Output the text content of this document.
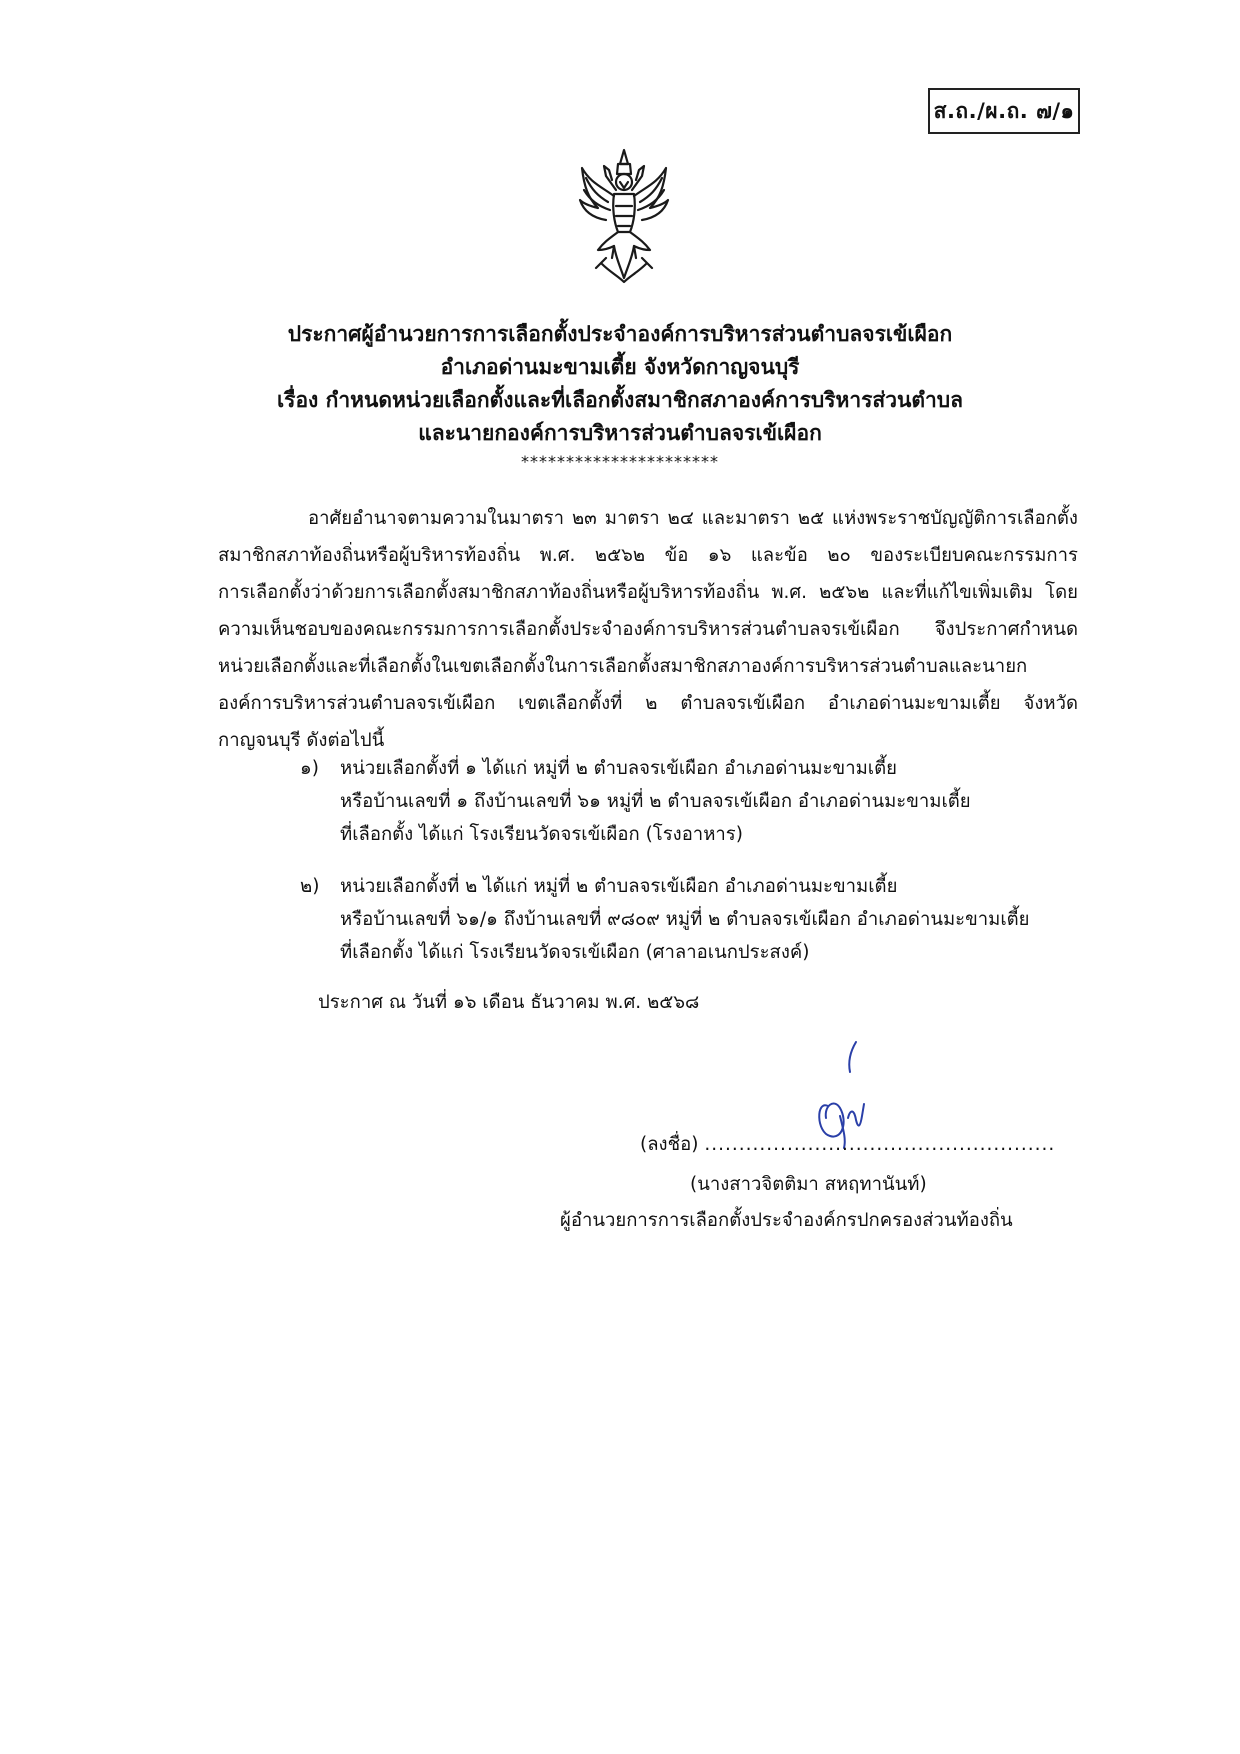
ส.ถ./ผ.ถ. ๗/๑
ประกาศผู้อำนวยการการเลือกตั้งประจำองค์การบริหารส่วนตำบลจรเข้เผือก
อำเภอด่านมะขามเตี้ย จังหวัดกาญจนบุรี
เรื่อง กำหนดหน่วยเลือกตั้งและที่เลือกตั้งสมาชิกสภาองค์การบริหารส่วนตำบล
และนายกองค์การบริหารส่วนตำบลจรเข้เผือก
**********************
อาศัยอำนาจตามความในมาตรา ๒๓ มาตรา ๒๔ และมาตรา ๒๕ แห่งพระราชบัญญัติการเลือกตั้ง
สมาชิกสภาท้องถิ่นหรือผู้บริหารท้องถิ่น พ.ศ. ๒๕๖๒ ข้อ ๑๖ และข้อ ๒๐ ของระเบียบคณะกรรมการ
การเลือกตั้งว่าด้วยการเลือกตั้งสมาชิกสภาท้องถิ่นหรือผู้บริหารท้องถิ่น พ.ศ. ๒๕๖๒ และที่แก้ไขเพิ่มเติม โดย
ความเห็นชอบของคณะกรรมการการเลือกตั้งประจำองค์การบริหารส่วนตำบลจรเข้เผือก จึงประกาศกำหนด
หน่วยเลือกตั้งและที่เลือกตั้งในเขตเลือกตั้งในการเลือกตั้งสมาชิกสภาองค์การบริหารส่วนตำบลและนายก
องค์การบริหารส่วนตำบลจรเข้เผือก เขตเลือกตั้งที่ ๒ ตำบลจรเข้เผือก อำเภอด่านมะขามเตี้ย จังหวัด
กาญจนบุรี ดังต่อไปนี้
๑) หน่วยเลือกตั้งที่ ๑ ได้แก่ หมู่ที่ ๒ ตำบลจรเข้เผือก อำเภอด่านมะขามเตี้ย
หรือบ้านเลขที่ ๑ ถึงบ้านเลขที่ ๖๑ หมู่ที่ ๒ ตำบลจรเข้เผือก อำเภอด่านมะขามเตี้ย
ที่เลือกตั้ง ได้แก่ โรงเรียนวัดจรเข้เผือก (โรงอาหาร)
๒) หน่วยเลือกตั้งที่ ๒ ได้แก่ หมู่ที่ ๒ ตำบลจรเข้เผือก อำเภอด่านมะขามเตี้ย
หรือบ้านเลขที่ ๖๑/๑ ถึงบ้านเลขที่ ๙๘๐๙ หมู่ที่ ๒ ตำบลจรเข้เผือก อำเภอด่านมะขามเตี้ย
ที่เลือกตั้ง ได้แก่ โรงเรียนวัดจรเข้เผือก (ศาลาอเนกประสงค์)
ประกาศ ณ วันที่ ๑๖ เดือน ธันวาคม พ.ศ. ๒๕๖๘
(ลงชื่อ) ...................................................
(นางสาวจิตติมา สหฤทานันท์)
ผู้อำนวยการการเลือกตั้งประจำองค์กรปกครองส่วนท้องถิ่น
